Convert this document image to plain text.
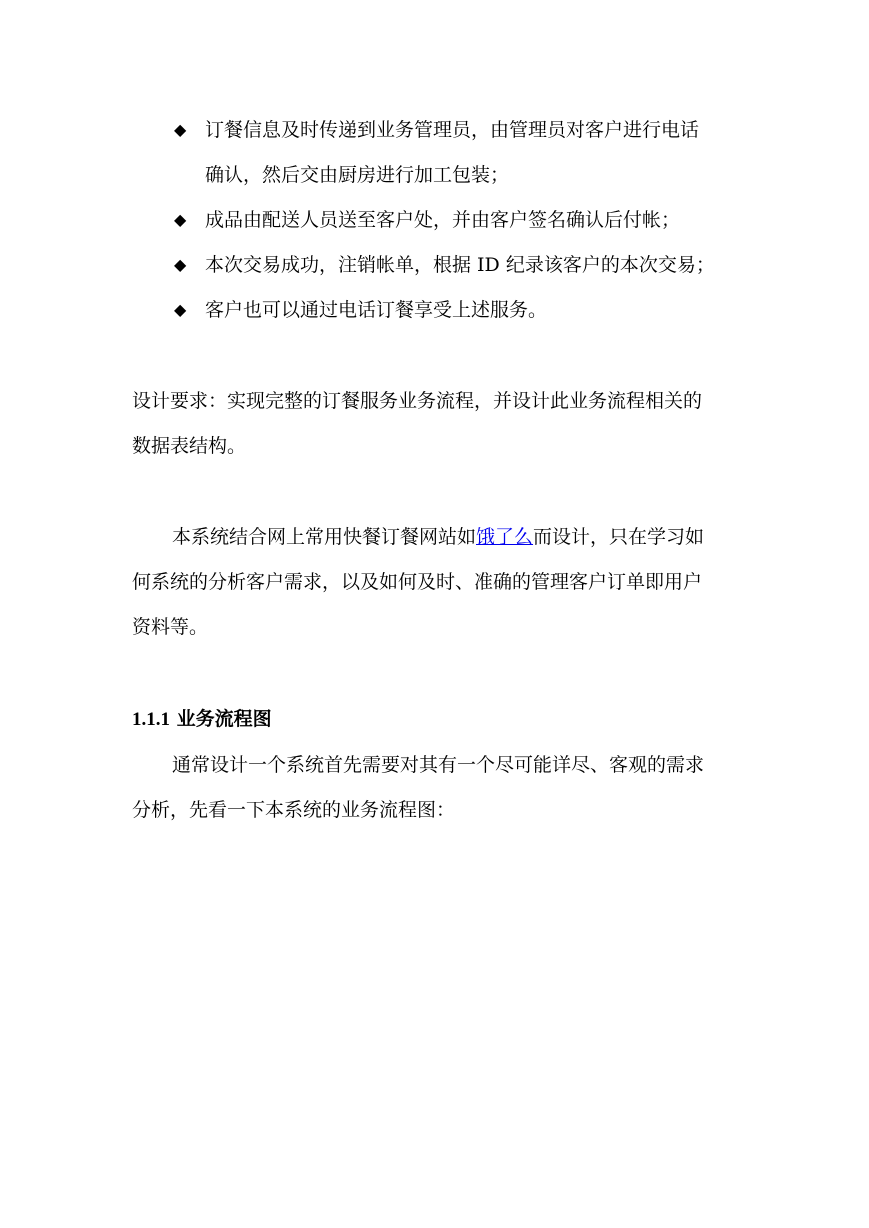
◆ 订餐信息及时传递到业务管理员，由管理员对客户进行电话
确认，然后交由厨房进行加工包装；
◆ 成品由配送人员送至客户处，并由客户签名确认后付帐；
◆ 本次交易成功，注销帐单，根据 ID 纪录该客户的本次交易；
◆ 客户也可以通过电话订餐享受上述服务。
设计要求：实现完整的订餐服务业务流程，并设计此业务流程相关的
数据表结构。
本系统结合网上常用快餐订餐网站如饿了么而设计，只在学习如
何系统的分析客户需求，以及如何及时、准确的管理客户订单即用户
资料等。
1.1.1 业务流程图
通常设计一个系统首先需要对其有一个尽可能详尽、客观的需求
分析，先看一下本系统的业务流程图：
